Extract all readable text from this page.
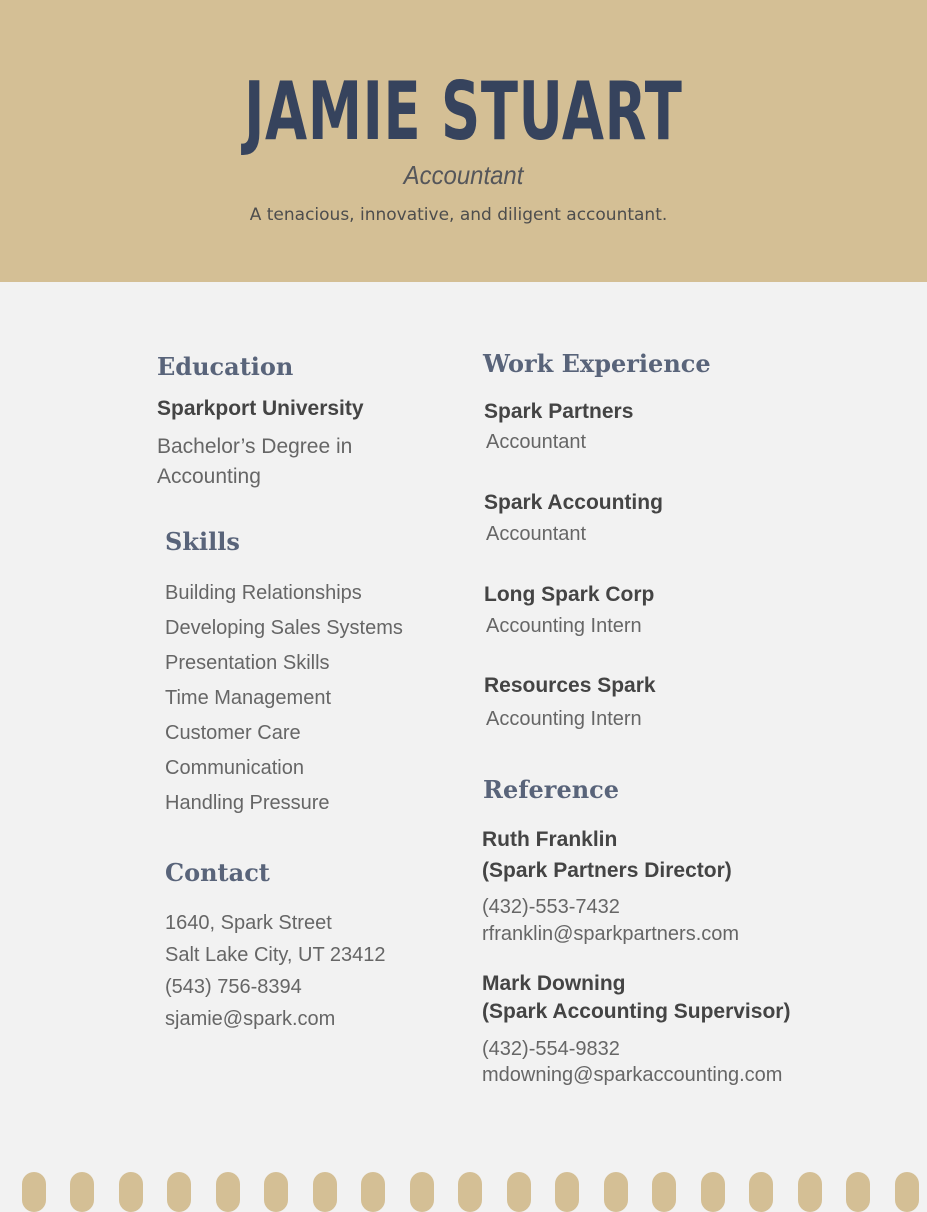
JAMIE STUART
Accountant
A tenacious, innovative, and diligent accountant.
Education
Sparkport University
Bachelor’s Degree in
Accounting
Skills
Building Relationships
Developing Sales Systems
Presentation Skills
Time Management
Customer Care
Communication
Handling Pressure
Contact
1640, Spark Street
Salt Lake City, UT 23412
(543) 756-8394
sjamie@spark.com
Work Experience
Spark Partners
Accountant
Spark Accounting
Accountant
Long Spark Corp
Accounting Intern
Resources Spark
Accounting Intern
Reference
Ruth Franklin
(Spark Partners Director)
(432)-553-7432
rfranklin@sparkpartners.com
Mark Downing
(Spark Accounting Supervisor)
(432)-554-9832
mdowning@sparkaccounting.com
